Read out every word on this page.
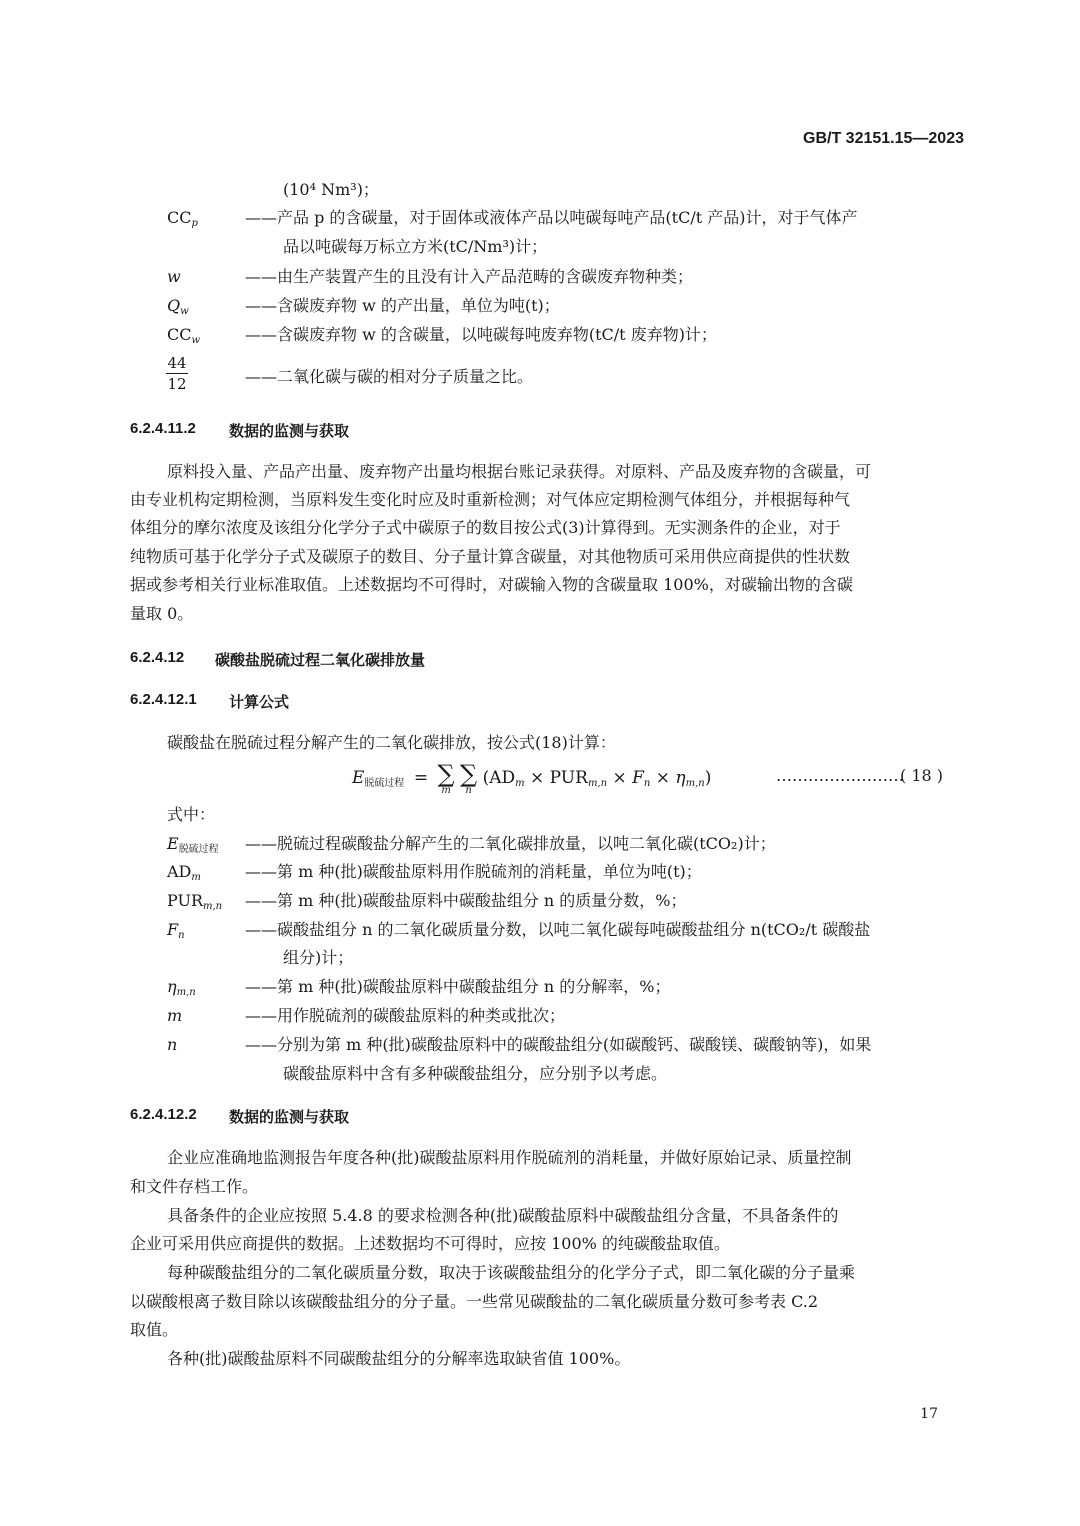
GB/T 32151.15—2023
(10⁴ Nm³)；
$CC_p$	——产品 p 的含碳量，对于固体或液体产品以吨碳每吨产品(tC/t 产品)计，对于气体产
品以吨碳每万标立方米(tC/Nm³)计；
w	——由生产装置产生的且没有计入产品范畴的含碳废弃物种类；
$Q_w$	——含碳废弃物 w 的产出量，单位为吨(t)；
$CC_w$	——含碳废弃物 w 的含碳量，以吨碳每吨废弃物(tC/t 废弃物)计；
44
12	——二氧化碳与碳的相对分子质量之比。
6.2.4.11.2 数据的监测与获取
原料投入量、产品产出量、废弃物产出量均根据台账记录获得。对原料、产品及废弃物的含碳量，可
由专业机构定期检测，当原料发生变化时应及时重新检测；对气体应定期检测气体组分，并根据每种气
体组分的摩尔浓度及该组分化学分子式中碳原子的数目按公式(3)计算得到。无实测条件的企业，对于
纯物质可基于化学分子式及碳原子的数目、分子量计算含碳量，对其他物质可采用供应商提供的性状数
据或参考相关行业标准取值。上述数据均不可得时，对碳输入物的含碳量取 100%，对碳输出物的含碳
量取 0。
6.2.4.12 碳酸盐脱硫过程二氧化碳排放量
6.2.4.12.1 计算公式
碳酸盐在脱硫过程分解产生的二氧化碳排放，按公式(18)计算：
$E_{脱硫过程}$ = ∑
m

∑
n
$(AD_m \times PUR_{m,n} \times F_n \times \eta_{m,n})$	……………………
( 18 )
式中：
$E_{脱硫过程}$ ——脱硫过程碳酸盐分解产生的二氧化碳排放量，以吨二氧化碳(tCO₂)计；
$AD_m$	——第 m 种(批)碳酸盐原料用作脱硫剂的消耗量，单位为吨(t)；
$PUR_{m,n}$ ——第 m 种(批)碳酸盐原料中碳酸盐组分 n 的质量分数，%；
$F_n$	——碳酸盐组分 n 的二氧化碳质量分数，以吨二氧化碳每吨碳酸盐组分 n(tCO₂/t 碳酸盐
组分)计；
$\eta_{m,n}$	——第 m 种(批)碳酸盐原料中碳酸盐组分 n 的分解率，%；
m	——用作脱硫剂的碳酸盐原料的种类或批次；
n	——分别为第 m 种(批)碳酸盐原料中的碳酸盐组分(如碳酸钙、碳酸镁、碳酸钠等)，如果
碳酸盐原料中含有多种碳酸盐组分，应分别予以考虑。
6.2.4.12.2 数据的监测与获取
企业应准确地监测报告年度各种(批)碳酸盐原料用作脱硫剂的消耗量，并做好原始记录、质量控制
和文件存档工作。
具备条件的企业应按照 5.4.8 的要求检测各种(批)碳酸盐原料中碳酸盐组分含量，不具备条件的
企业可采用供应商提供的数据。上述数据均不可得时，应按 100% 的纯碳酸盐取值。
每种碳酸盐组分的二氧化碳质量分数，取决于该碳酸盐组分的化学分子式，即二氧化碳的分子量乘
以碳酸根离子数目除以该碳酸盐组分的分子量。一些常见碳酸盐的二氧化碳质量分数可参考表 C.2
取值。
各种(批)碳酸盐原料不同碳酸盐组分的分解率选取缺省值 100%。
17
